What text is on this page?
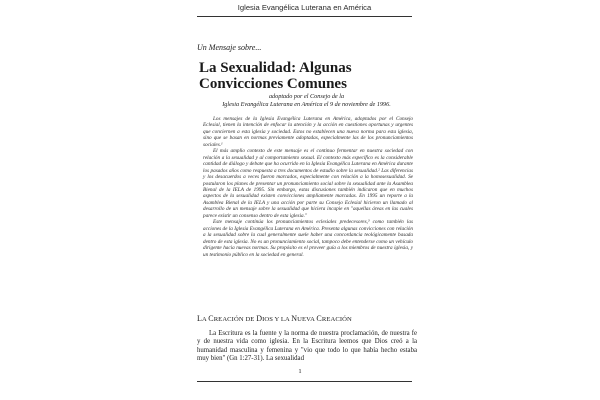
Iglesia Evangélica Luterana en América
Un Mensaje sobre...
La Sexualidad: Algunas
Convicciones Comunes
adoptado por el Consejo de la
Iglesia Evangélica Luterana en América el 9 de noviembre de 1996.

Los mensajes de la Iglesia Evangélica Luterana en América, adoptados por el Consejo Eclesial, tienen la intención de enfocar la atención y la acción en cuestiones oportunas y urgentes que conciernen a esta iglesia y sociedad. Estos no establecen una nueva norma para esta iglesia, sino que se basan en normas previamente adoptadas, especialmente las de los pronunciamientos sociales.¹

El más amplio contexto de este mensaje es el continuo fermentar en nuestra sociedad con relación a la sexualidad y al comportamiento sexual. El contexto más específico es la considerable cantidad de diálogo y debate que ha ocurrido en la Iglesia Evangélica Luterana en América durante los pasados años como respuesta a tres documentos de estudio sobre la sexualidad.² Las diferencias y los desacuerdos a veces fueron marcados, especialmente con relación a la homosexualidad. Se postularon los planes de presentar un pronunciamiento social sobre la sexualidad ante la Asamblea Bienal de la IELA de 1995. Sin embargo, estas discusiones también indicaron que en muchos aspectos de la sexualidad existen convicciones ampliamente marcadas. En 1995 un reporte a la Asamblea Bienal de la IELA y una acción por parte su Consejo Eclesial hicieron un llamado al desarrollo de un mensaje sobre la sexualidad que hiciera incapie en "aquellas áreas en las cuales parece existir un consenso dentro de esta iglesia."

Este mensaje continúa los pronunciamientos eclesiales predecesores,³ como también las acciones de la Iglesia Evangélica Luterana en América. Presenta algunas convicciones con relación a la sexualidad sobre la cual generalmente suele haber una concordancia teológicamente basada dentro de esta iglesia. No es un pronunciamiento social, tampoco debe entenderse como un vehículo dirigente hacia nuevas normas. Su propósito es el proveer guía a los miembros de nuestra iglesia, y un testimonio público en la sociedad en general.

LA CREACIÓN DE DIOS Y LA NUEVA CREACIÓN

La Escritura es la fuente y la norma de nuestra proclamación, de nuestra fe y de nuestra vida como iglesia. En la Escritura leemos que Dios creó a la humanidad masculina y femenina y "vio que todo lo que había hecho estaba muy bien" (Gn 1:27-31). La sexualidad

1
